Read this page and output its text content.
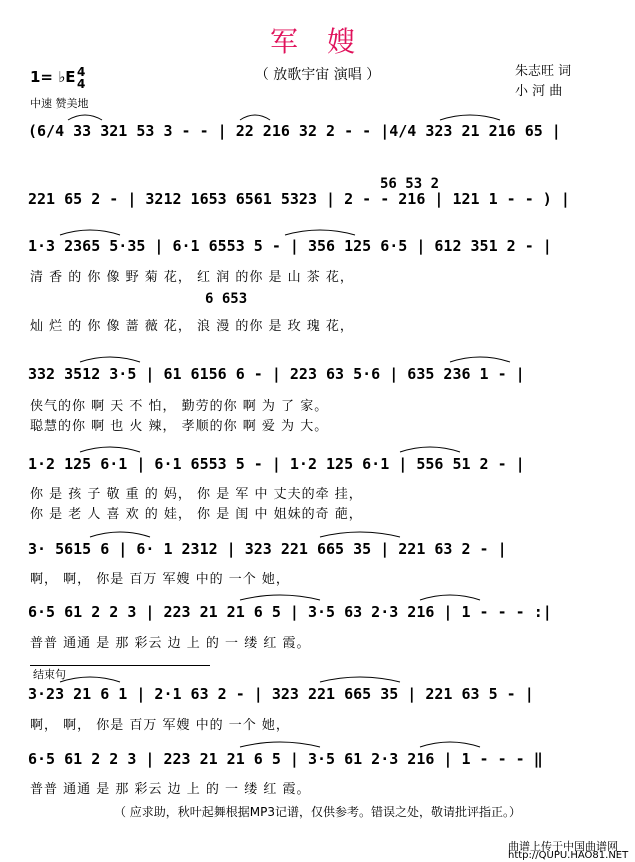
军 嫂
（ 放歌宇宙 演唱 ）	朱志旺 词
小 河 曲
1= ♭E 4
4
中速 赞美地
56 53 2
6 653
(6/4 33 321 53 3 - - | 22 216 32 2 - - |4/4 323 21 216 65 |
221 65 2 - | 3212 1653 6561 5323 | 2 - - 216 | 121 1 - - ) |
1·3 2365 5·35 | 6·1 6553 5 - | 356 125 6·5 | 612 351 2 - |
清 香 的 你 像 野 菊 花， 红 润 的你 是 山 茶 花，
灿 烂 的 你 像 蔷 薇 花， 浪 漫 的你 是 玫 瑰 花，
332 3512 3·5 | 61 6156 6 - | 223 63 5·6 | 635 236 1 - |
侠气的你 啊 天 不 怕， 勤劳的你 啊 为 了 家。
聪慧的你 啊 也 火 辣， 孝顺的你 啊 爱 为 大。
1·2 125 6·1 | 6·1 6553 5 - | 1·2 125 6·1 | 556 51 2 - |
你 是 孩 子 敬 重 的 妈， 你 是 军 中 丈夫的牵 挂，
你 是 老 人 喜 欢 的 娃， 你 是 闺 中 姐妹的奇 葩，
3· 5615 6 | 6· 1 2312 | 323 221 665 35 | 221 63 2 - |
啊， 啊， 你是 百万 军嫂 中的 一个 她，
6·5 61 2 2 3 | 223 21 21 6 5 | 3·5 63 2·3 216 | 1 - - - :|
普普 通通 是 那 彩云 边 上 的 一 缕 红 霞。
结束句
3·23 21 6 1 | 2·1 63 2 - | 323 221 665 35 | 221 63 5 - |
啊， 啊， 你是 百万 军嫂 中的 一个 她，
6·5 61 2 2 3 | 223 21 21 6 5 | 3·5 61 2·3 216 | 1 - - - ‖
普普 通通 是 那 彩云 边 上 的 一 缕 红 霞。
（ 应求助，秋叶起舞根据MP3记谱，仅供参考。错误之处，敬请批评指正。）
曲谱上传于中国曲谱网
http://QUPU.HAO81.NET
